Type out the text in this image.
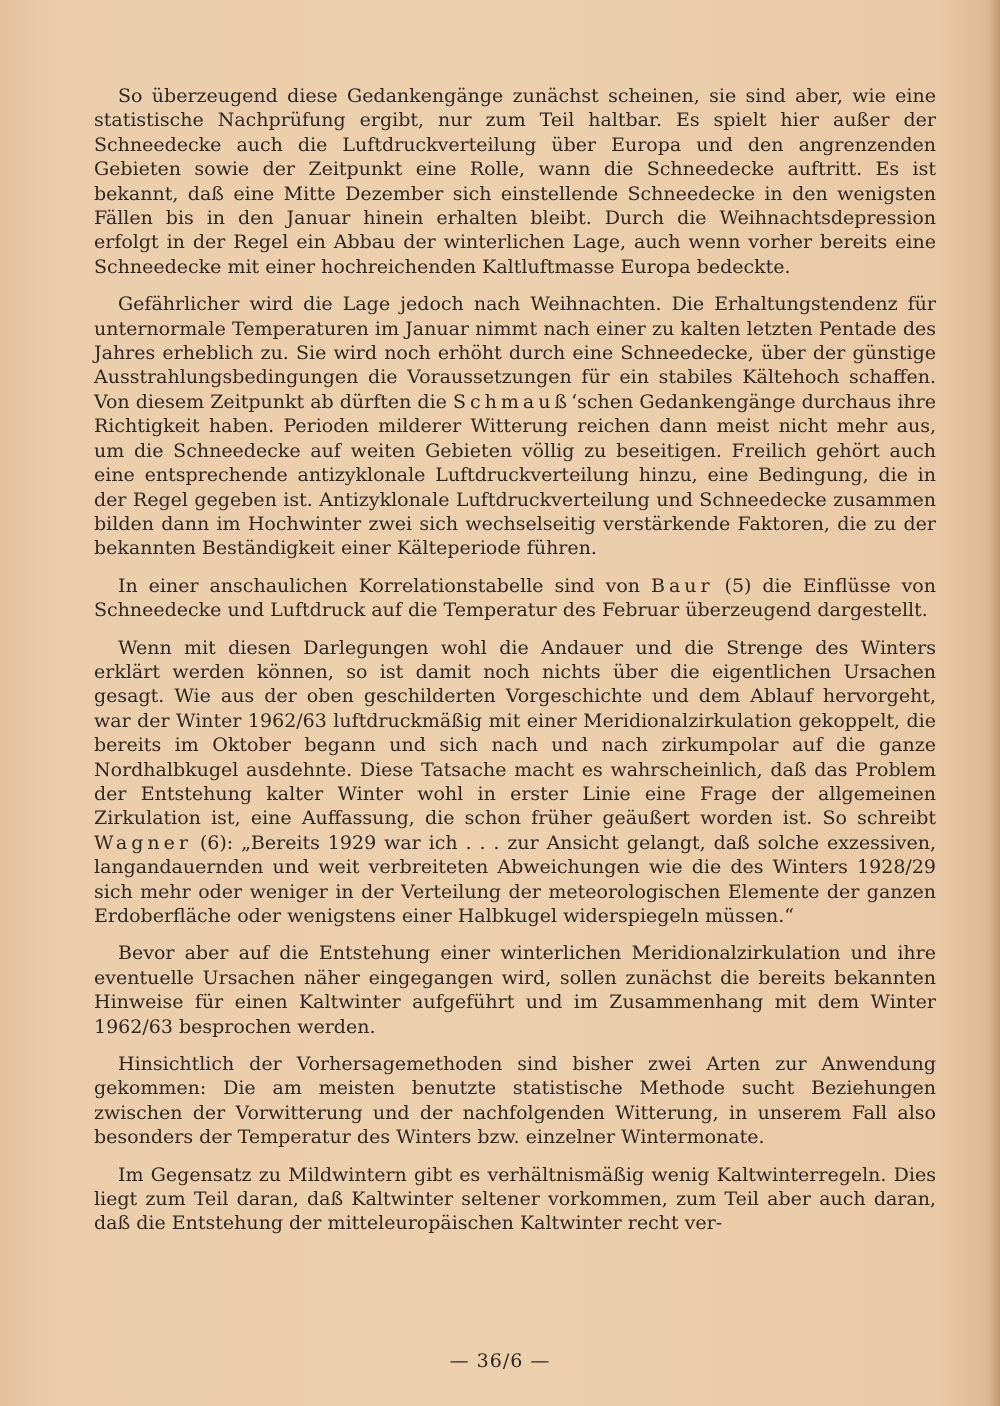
So überzeugend diese Gedankengänge zunächst scheinen, sie sind aber, wie eine statistische Nachprüfung ergibt, nur zum Teil haltbar. Es spielt hier außer der Schneedecke auch die Luftdruckverteilung über Europa und den angrenzenden Gebieten sowie der Zeitpunkt eine Rolle, wann die Schneedecke auftritt. Es ist bekannt, daß eine Mitte Dezember sich einstellende Schneedecke in den wenigsten Fällen bis in den Januar hinein erhalten bleibt. Durch die Weihnachtsdepression erfolgt in der Regel ein Abbau der winterlichen Lage, auch wenn vorher bereits eine Schneedecke mit einer hochreichenden Kaltluftmasse Europa bedeckte.

Gefährlicher wird die Lage jedoch nach Weihnachten. Die Erhaltungstendenz für unternormale Temperaturen im Januar nimmt nach einer zu kalten letzten Pentade des Jahres erheblich zu. Sie wird noch erhöht durch eine Schneedecke, über der günstige Ausstrahlungsbedingungen die Voraussetzungen für ein stabiles Kältehoch schaffen. Von diesem Zeitpunkt ab dürften die Schmauß‘schen Gedankengänge durchaus ihre Richtigkeit haben. Perioden milderer Witterung reichen dann meist nicht mehr aus, um die Schneedecke auf weiten Gebieten völlig zu beseitigen. Freilich gehört auch eine entsprechende antizyklonale Luftdruckverteilung hinzu, eine Bedingung, die in der Regel gegeben ist. Antizyklonale Luftdruckverteilung und Schneedecke zusammen bilden dann im Hochwinter zwei sich wechselseitig verstärkende Faktoren, die zu der bekannten Beständigkeit einer Kälteperiode führen.

In einer anschaulichen Korrelationstabelle sind von Baur (5) die Einflüsse von Schneedecke und Luftdruck auf die Temperatur des Februar überzeugend dargestellt.

Wenn mit diesen Darlegungen wohl die Andauer und die Strenge des Winters erklärt werden können, so ist damit noch nichts über die eigentlichen Ursachen gesagt. Wie aus der oben geschilderten Vorgeschichte und dem Ablauf hervorgeht, war der Winter 1962/63 luftdruckmäßig mit einer Meridionalzirkulation gekoppelt, die bereits im Oktober begann und sich nach und nach zirkumpolar auf die ganze Nordhalbkugel ausdehnte. Diese Tatsache macht es wahrscheinlich, daß das Problem der Entstehung kalter Winter wohl in erster Linie eine Frage der allgemeinen Zirkulation ist, eine Auffassung, die schon früher geäußert worden ist. So schreibt Wagner (6): „Bereits 1929 war ich . . . zur Ansicht gelangt, daß solche exzessiven, langandauernden und weit verbreiteten Abweichungen wie die des Winters 1928/29 sich mehr oder weniger in der Verteilung der meteorologischen Elemente der ganzen Erdoberfläche oder wenigstens einer Halbkugel widerspiegeln müssen.“

Bevor aber auf die Entstehung einer winterlichen Meridionalzirkulation und ihre eventuelle Ursachen näher eingegangen wird, sollen zunächst die bereits bekannten Hinweise für einen Kaltwinter aufgeführt und im Zusammenhang mit dem Winter 1962/63 besprochen werden.

Hinsichtlich der Vorhersagemethoden sind bisher zwei Arten zur Anwendung gekommen: Die am meisten benutzte statistische Methode sucht Beziehungen zwischen der Vorwitterung und der nachfolgenden Witterung, in unserem Fall also besonders der Temperatur des Winters bzw. einzelner Wintermonate.

Im Gegensatz zu Mildwintern gibt es verhältnismäßig wenig Kaltwinterregeln. Dies liegt zum Teil daran, daß Kaltwinter seltener vorkommen, zum Teil aber auch daran, daß die Entstehung der mitteleuropäischen Kaltwinter recht ver-

— 36/6 —
